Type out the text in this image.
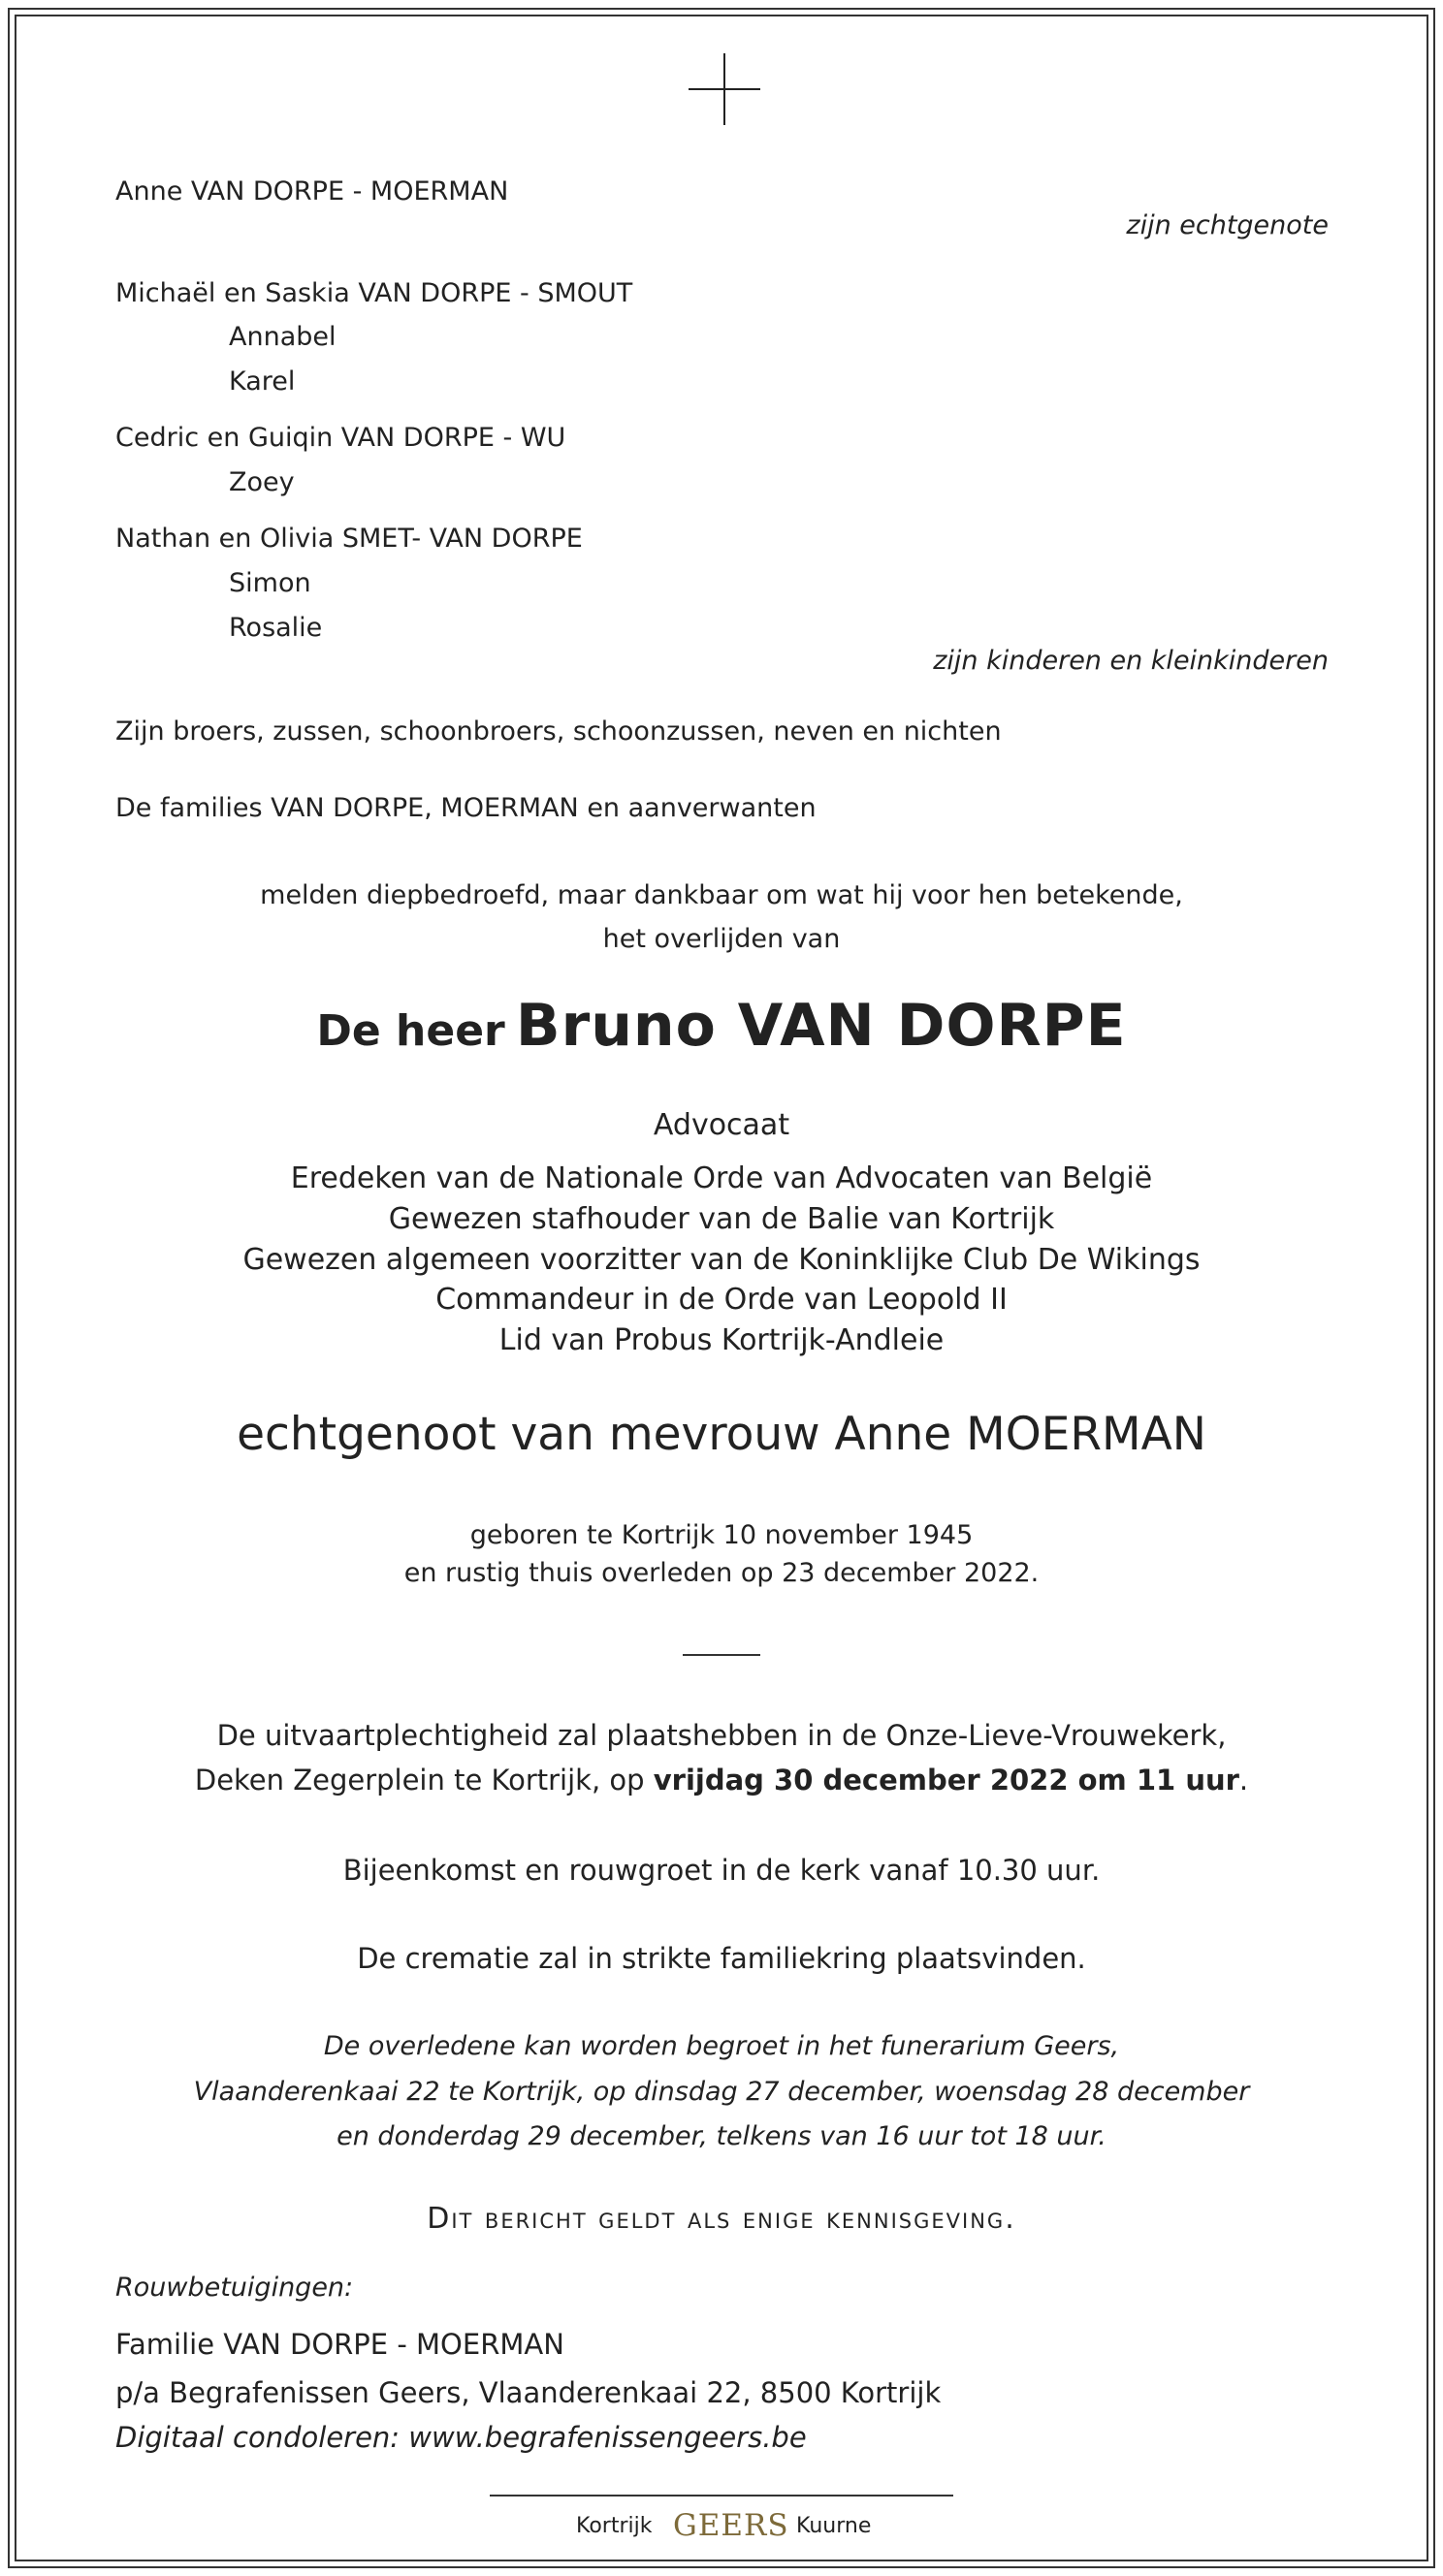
Anne VAN DORPE - MOERMAN
zijn echtgenote
Michaël en Saskia VAN DORPE - SMOUT
Annabel
Karel
Cedric en Guiqin VAN DORPE - WU
Zoey
Nathan en Olivia SMET- VAN DORPE
Simon
Rosalie
zijn kinderen en kleinkinderen
Zijn broers, zussen, schoonbroers, schoonzussen, neven en nichten
De families VAN DORPE, MOERMAN en aanverwanten
melden diepbedroefd, maar dankbaar om wat hij voor hen betekende,
het overlijden van
De heer Bruno VAN DORPE
Advocaat
Eredeken van de Nationale Orde van Advocaten van België
Gewezen stafhouder van de Balie van Kortrijk
Gewezen algemeen voorzitter van de Koninklijke Club De Wikings
Commandeur in de Orde van Leopold II
Lid van Probus Kortrijk-Andleie
echtgenoot van mevrouw Anne MOERMAN
geboren te Kortrijk 10 november 1945
en rustig thuis overleden op 23 december 2022.
De uitvaartplechtigheid zal plaatshebben in de Onze-Lieve-Vrouwekerk,
Deken Zegerplein te Kortrijk, op vrijdag 30 december 2022 om 11 uur.
Bijeenkomst en rouwgroet in de kerk vanaf 10.30 uur.
De crematie zal in strikte familiekring plaatsvinden.
De overledene kan worden begroet in het funerarium Geers,
Vlaanderenkaai 22 te Kortrijk, op dinsdag 27 december, woensdag 28 december
en donderdag 29 december, telkens van 16 uur tot 18 uur.
Dit bericht geldt als enige kennisgeving.
Rouwbetuigingen:
Familie VAN DORPE - MOERMAN
p/a Begrafenissen Geers, Vlaanderenkaai 22, 8500 Kortrijk
Digitaal condoleren: www.begrafenissengeers.be
Kortrijk GEERS Kuurne
